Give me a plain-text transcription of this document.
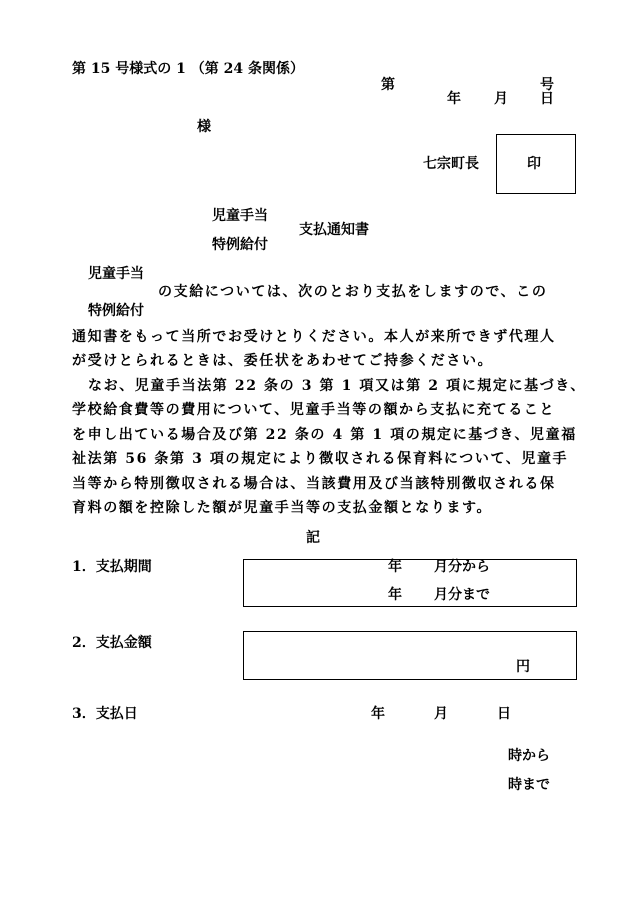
第 15 号様式の 1 （第 24 条関係）
第	号
年 月 日
様
七宗町長	印
児童手当
支払通知書
特例給付
児童手当
の支給については、次のとおり支払をしますので、この
特例給付
通知書をもって当所でお受けとりください。本人が来所できず代理人
が受けとられるときは、委任状をあわせてご持参ください。
なお、児童手当法第 22 条の 3 第 1 項又は第 2 項に規定に基づき、
学校給食費等の費用について、児童手当等の額から支払に充てること
を申し出ている場合及び第 22 条の 4 第 1 項の規定に基づき、児童福
祉法第 56 条第 3 項の規定により徴収される保育料について、児童手
当等から特別徴収される場合は、当該費用及び当該特別徴収される保
育料の額を控除した額が児童手当等の支払金額となります。
記
1．支払期間	年 月分から
年 月分まで
2．支払金額
円
3．支払日	年	月	日
時から
時まで
